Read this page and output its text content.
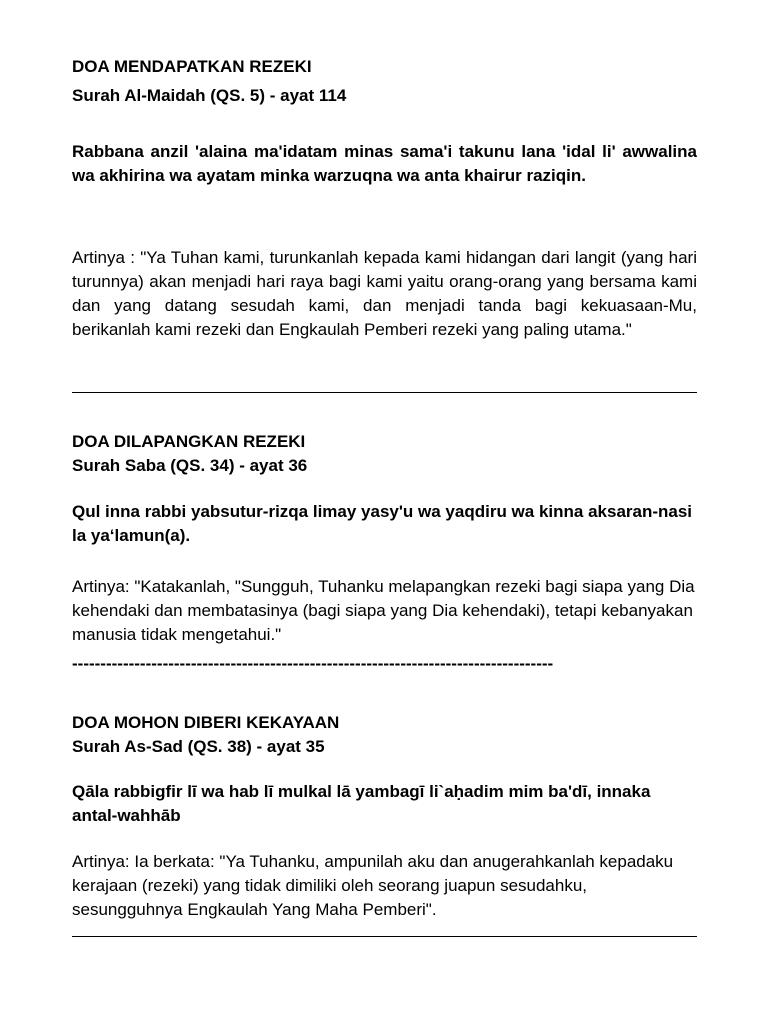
DOA MENDAPATKAN REZEKI
Surah Al-Maidah (QS. 5) - ayat 114
Rabbana anzil 'alaina ma'idatam minas sama'i takunu lana 'idal li' awwalina wa akhirina wa ayatam minka warzuqna wa anta khairur raziqin.
Artinya : "Ya Tuhan kami, turunkanlah kepada kami hidangan dari langit (yang hari turunnya) akan menjadi hari raya bagi kami yaitu orang-orang yang bersama kami dan yang datang sesudah kami, dan menjadi tanda bagi kekuasaan-Mu, berikanlah kami rezeki dan Engkaulah Pemberi rezeki yang paling utama."
DOA DILAPANGKAN REZEKI
Surah Saba (QS. 34) - ayat 36
Qul inna rabbi yabsutur-rizqa limay yasy'u wa yaqdiru wa kinna aksaran-nasi la ya‘lamun(a).
Artinya: "Katakanlah, "Sungguh, Tuhanku melapangkan rezeki bagi siapa yang Dia kehendaki dan membatasinya (bagi siapa yang Dia kehendaki), tetapi kebanyakan manusia tidak mengetahui."
-------------------------------------------------------------------------------------
DOA MOHON DIBERI KEKAYAAN
Surah As-Sad (QS. 38) - ayat 35
Qāla rabbigfir lī wa hab lī mulkal lā yambagī li`aḥadim mim ba'dī, innaka antal-wahhāb
Artinya: Ia berkata: "Ya Tuhanku, ampunilah aku dan anugerahkanlah kepadaku kerajaan (rezeki) yang tidak dimiliki oleh seorang juapun sesudahku, sesungguhnya Engkaulah Yang Maha Pemberi".
